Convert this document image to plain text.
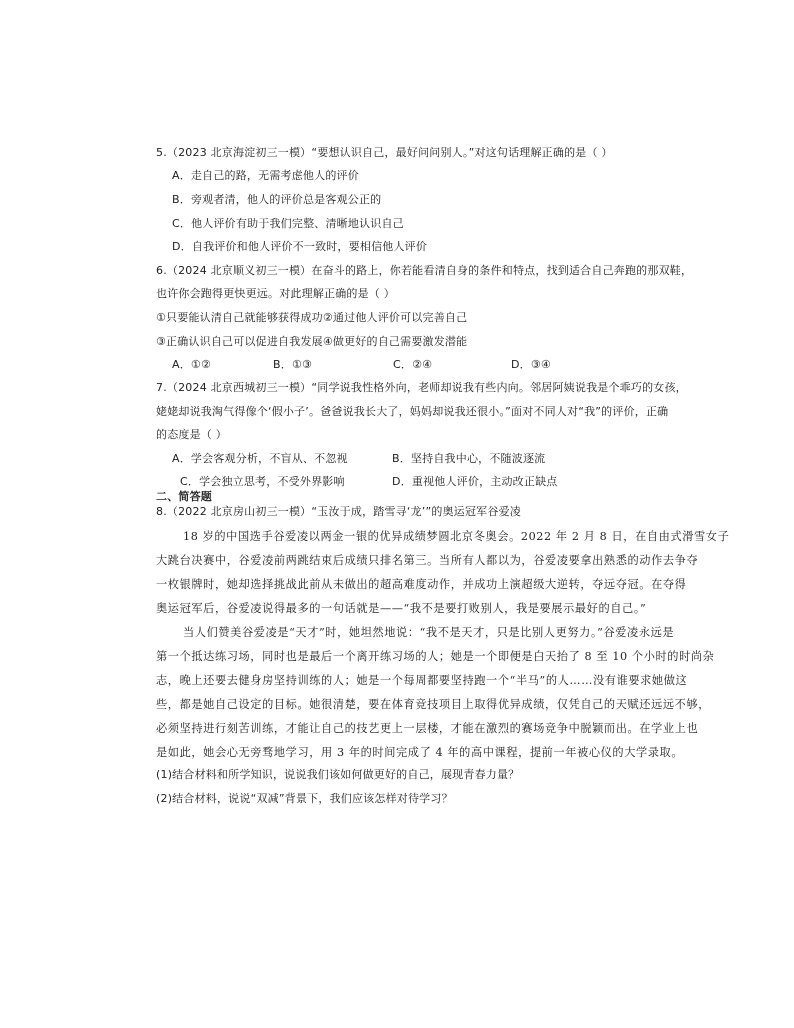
5.（2023 北京海淀初三一模）“要想认识自己，最好问问别人。”对这句话理解正确的是（ ）
A．走自己的路，无需考虑他人的评价
B．旁观者清，他人的评价总是客观公正的
C．他人评价有助于我们完整、清晰地认识自己
D．自我评价和他人评价不一致时，要相信他人评价
6.（2024 北京顺义初三一模）在奋斗的路上，你若能看清自身的条件和特点，找到适合自己奔跑的那双鞋，
也许你会跑得更快更远。对此理解正确的是（ ）
①只要能认清自己就能够获得成功②通过他人评价可以完善自己
③正确认识自己可以促进自我发展④做更好的自己需要激发潜能
A．①②	B．①③	C．②④	D．③④
7.（2024 北京西城初三一模）“同学说我性格外向，老师却说我有些内向。邻居阿姨说我是个乖巧的女孩，
姥姥却说我淘气得像个‘假小子’。爸爸说我长大了，妈妈却说我还很小。”面对不同人对“我”的评价，正确
的态度是（ ）
A．学会客观分析，不盲从、不忽视	B．坚持自我中心，不随波逐流
C．学会独立思考，不受外界影响	D．重视他人评价，主动改正缺点
二、简答题
8.（2022 北京房山初三一模）“玉汝于成，踏雪寻‘龙’”的奥运冠军谷爱凌
18 岁的中国选手谷爱凌以两金一银的优异成绩梦圆北京冬奥会。2022 年 2 月 8 日，在自由式滑雪女子
大跳台决赛中，谷爱凌前两跳结束后成绩只排名第三。当所有人都以为，谷爱凌要拿出熟悉的动作去争夺
一枚银牌时，她却选择挑战此前从未做出的超高难度动作，并成功上演超级大逆转，夺远夺冠。在夺得
奥运冠军后，谷爱凌说得最多的一句话就是——“我不是要打败别人，我是要展示最好的自己。”
当人们赞美谷爱凌是“天才”时，她坦然地说：“我不是天才，只是比别人更努力。”谷爱凌永远是
第一个抵达练习场，同时也是最后一个离开练习场的人；她是一个即便是白天抬了 8 至 10 个小时的时尚杂
志，晚上还要去健身房坚持训练的人；她是一个每周都要坚持跑一个“半马”的人……没有谁要求她做这
些，都是她自己设定的目标。她很清楚，要在体育竞技项目上取得优异成绩，仅凭自己的天赋还远远不够，
必须坚持进行刻苦训练，才能让自己的技艺更上一层楼，才能在激烈的赛场竞争中脱颖而出。在学业上也
是如此，她会心无旁骛地学习，用 3 年的时间完成了 4 年的高中课程，提前一年被心仪的大学录取。
(1)结合材料和所学知识，说说我们该如何做更好的自己，展现青春力量？
(2)结合材料，说说“双减”背景下，我们应该怎样对待学习？
